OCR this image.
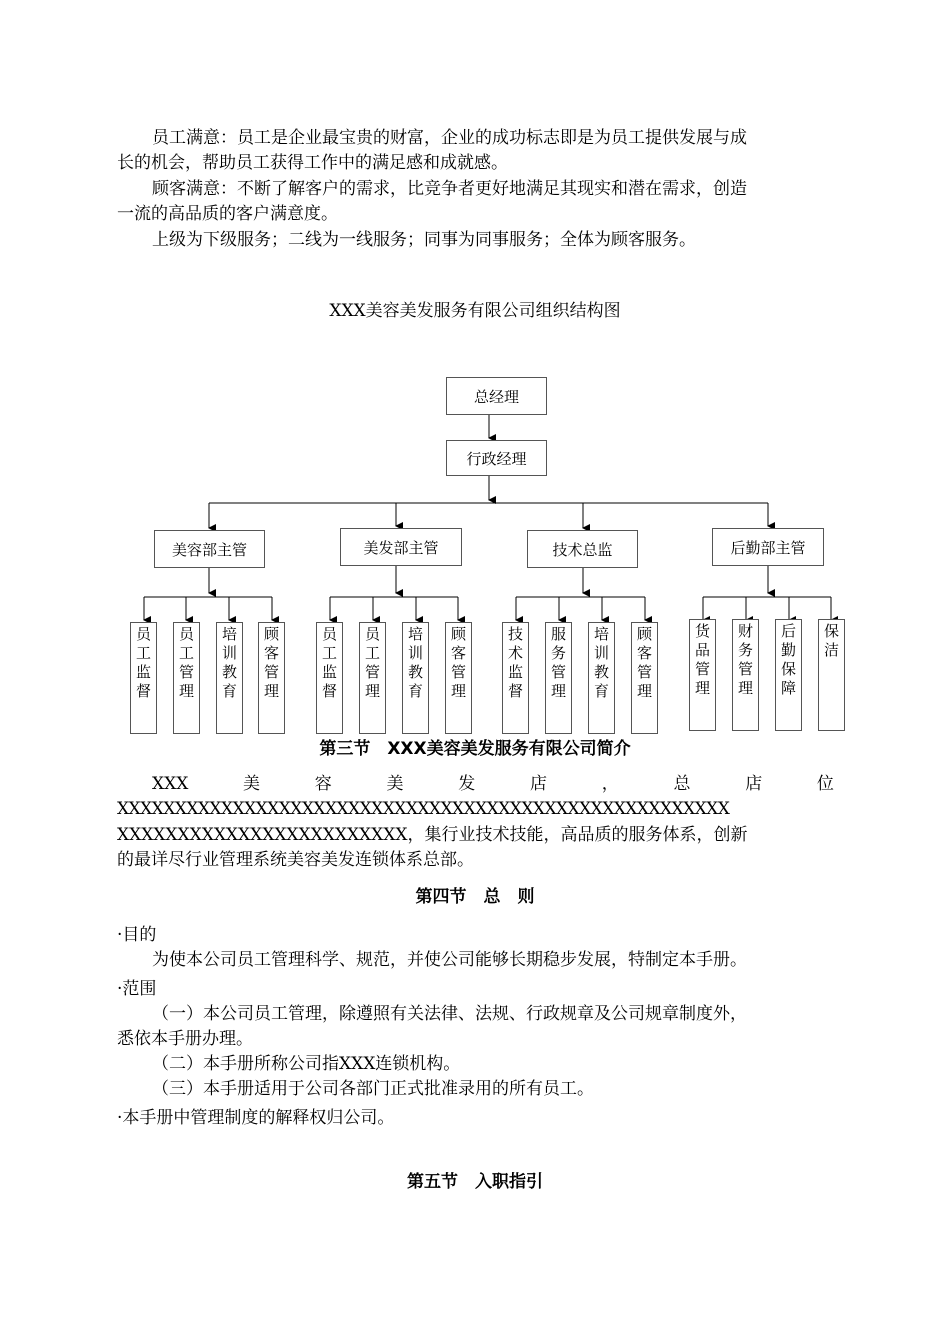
员工满意：员工是企业最宝贵的财富，企业的成功标志即是为员工提供发展与成
长的机会，帮助员工获得工作中的满足感和成就感。
顾客满意：不断了解客户的需求，比竞争者更好地满足其现实和潜在需求，创造
一流的高品质的客户满意度。
上级为下级服务；二线为一线服务；同事为同事服务；全体为顾客服务。
XXX美容美发服务有限公司组织结构图
总经理
行政经理
美容部主管	美发部主管	技术总监	后勤部主管
员工监督
员工管理
培训教育
顾客管理
员工监督
员工管理
培训教育
顾客管理
技术监督
服务管理
培训教育
顾客管理
货品管理
财务管理
后勤保障
保　洁
第三节　XXX美容美发服务有限公司简介
XXX	美	容	美	发	店	，	总	店	位
XXXXXXXXXXXXXXXXXXXXXXXXXXXXXXXXXXXXXXXXXXXXXXXXXXXXX
XXXXXXXXXXXXXXXXXXXXXXXX，集行业技术技能，高品质的服务体系，创新
的最详尽行业管理系统美容美发连锁体系总部。
第四节　总　则
·目的
为使本公司员工管理科学、规范，并使公司能够长期稳步发展，特制定本手册。
·范围
（一）本公司员工管理，除遵照有关法律、法规、行政规章及公司规章制度外，
悉依本手册办理。
（二）本手册所称公司指XXX连锁机构。
（三）本手册适用于公司各部门正式批准录用的所有员工。
·本手册中管理制度的解释权归公司。
第五节　入职指引
